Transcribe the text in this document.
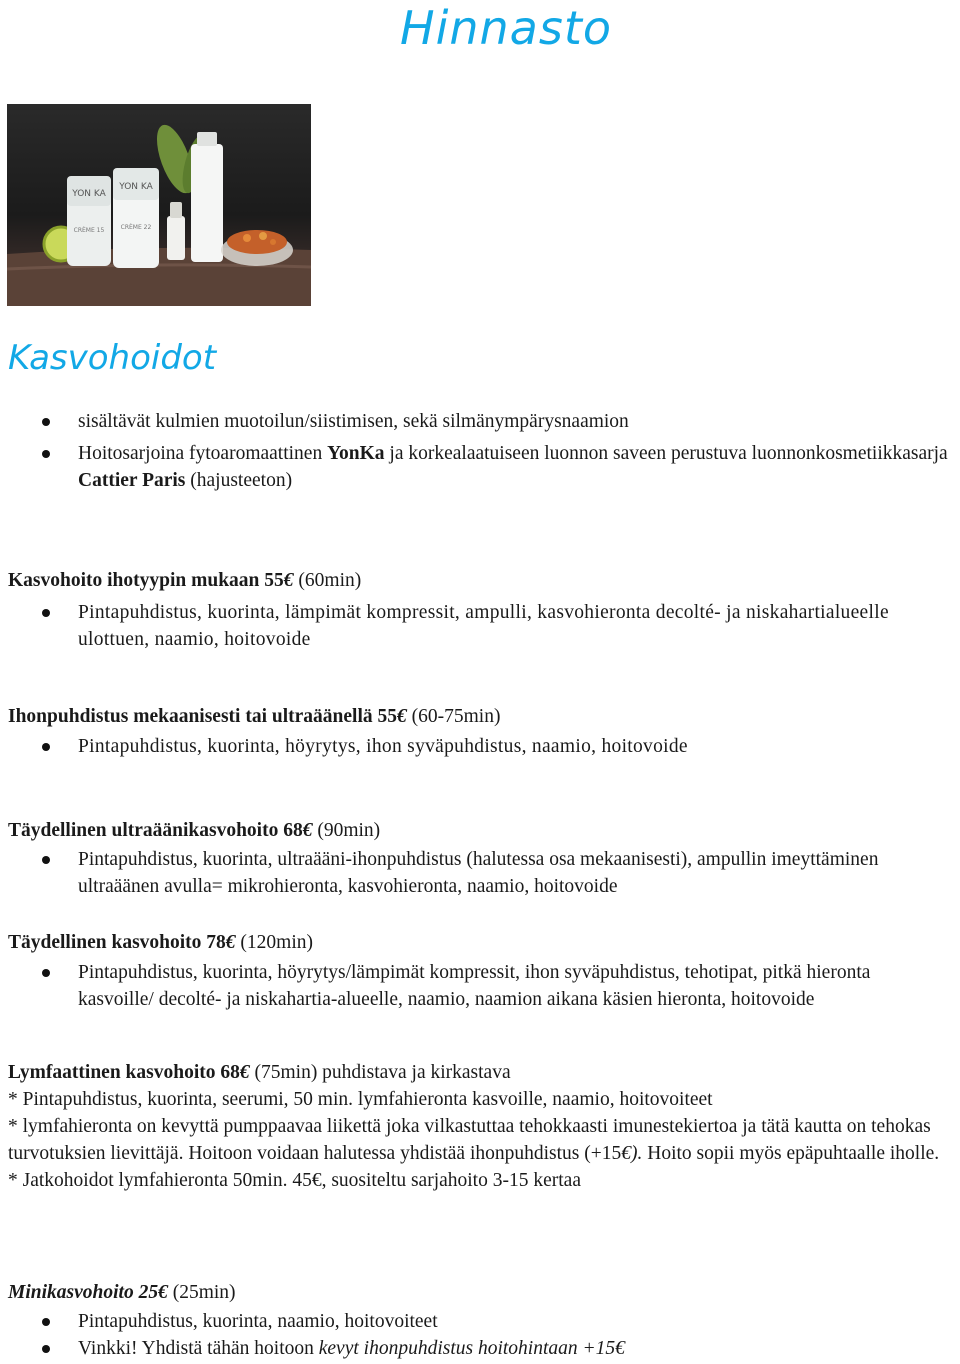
Hinnasto
YON KA
CRÈME 15
YON KA
CRÈME 22
Kasvohoidot
sisältävät kulmien muotoilun/siistimisen, sekä silmänympärysnaamion
Hoitosarjoina fytoaromaattinen YonKa ja korkealaatuiseen luonnon saveen perustuva luonnonkosmetiikkasarja Cattier Paris (hajusteeton)
Kasvohoito ihotyypin mukaan 55€ (60min)
Pintapuhdistus, kuorinta, lämpimät kompressit, ampulli, kasvohieronta decolté- ja niskahartialueelle ulottuen, naamio, hoitovoide
Ihonpuhdistus mekaanisesti tai ultraäänellä 55€ (60-75min)
Pintapuhdistus, kuorinta, höyrytys, ihon syväpuhdistus, naamio, hoitovoide
Täydellinen ultraäänikasvohoito 68€ (90min)
Pintapuhdistus, kuorinta, ultraääni-ihonpuhdistus (halutessa osa mekaanisesti), ampullin imeyttäminen ultraäänen avulla= mikrohieronta, kasvohieronta, naamio, hoitovoide
Täydellinen kasvohoito 78€ (120min)
Pintapuhdistus, kuorinta, höyrytys/lämpimät kompressit, ihon syväpuhdistus, tehotipat, pitkä hieronta kasvoille/ decolté- ja niskahartia-alueelle, naamio, naamion aikana käsien hieronta, hoitovoide
Lymfaattinen kasvohoito 68€ (75min) puhdistava ja kirkastava

* Pintapuhdistus, kuorinta, seerumi, 50 min. lymfahieronta kasvoille, naamio, hoitovoiteet

* lymfahieronta on kevyttä pumppaavaa liikettä joka vilkastuttaa tehokkaasti imunestekiertoa ja tätä kautta on tehokas turvotuksien lievittäjä. Hoitoon voidaan halutessa yhdistää ihonpuhdistus (+15€). Hoito sopii myös epäpuhtaalle iholle.

* Jatkohoidot lymfahieronta 50min. 45€, suositeltu sarjahoito 3-15 kertaa

Minikasvohoito 25€ (25min)
Pintapuhdistus, kuorinta, naamio, hoitovoiteet
Vinkki! Yhdistä tähän hoitoon kevyt ihonpuhdistus hoitohintaan +15€
